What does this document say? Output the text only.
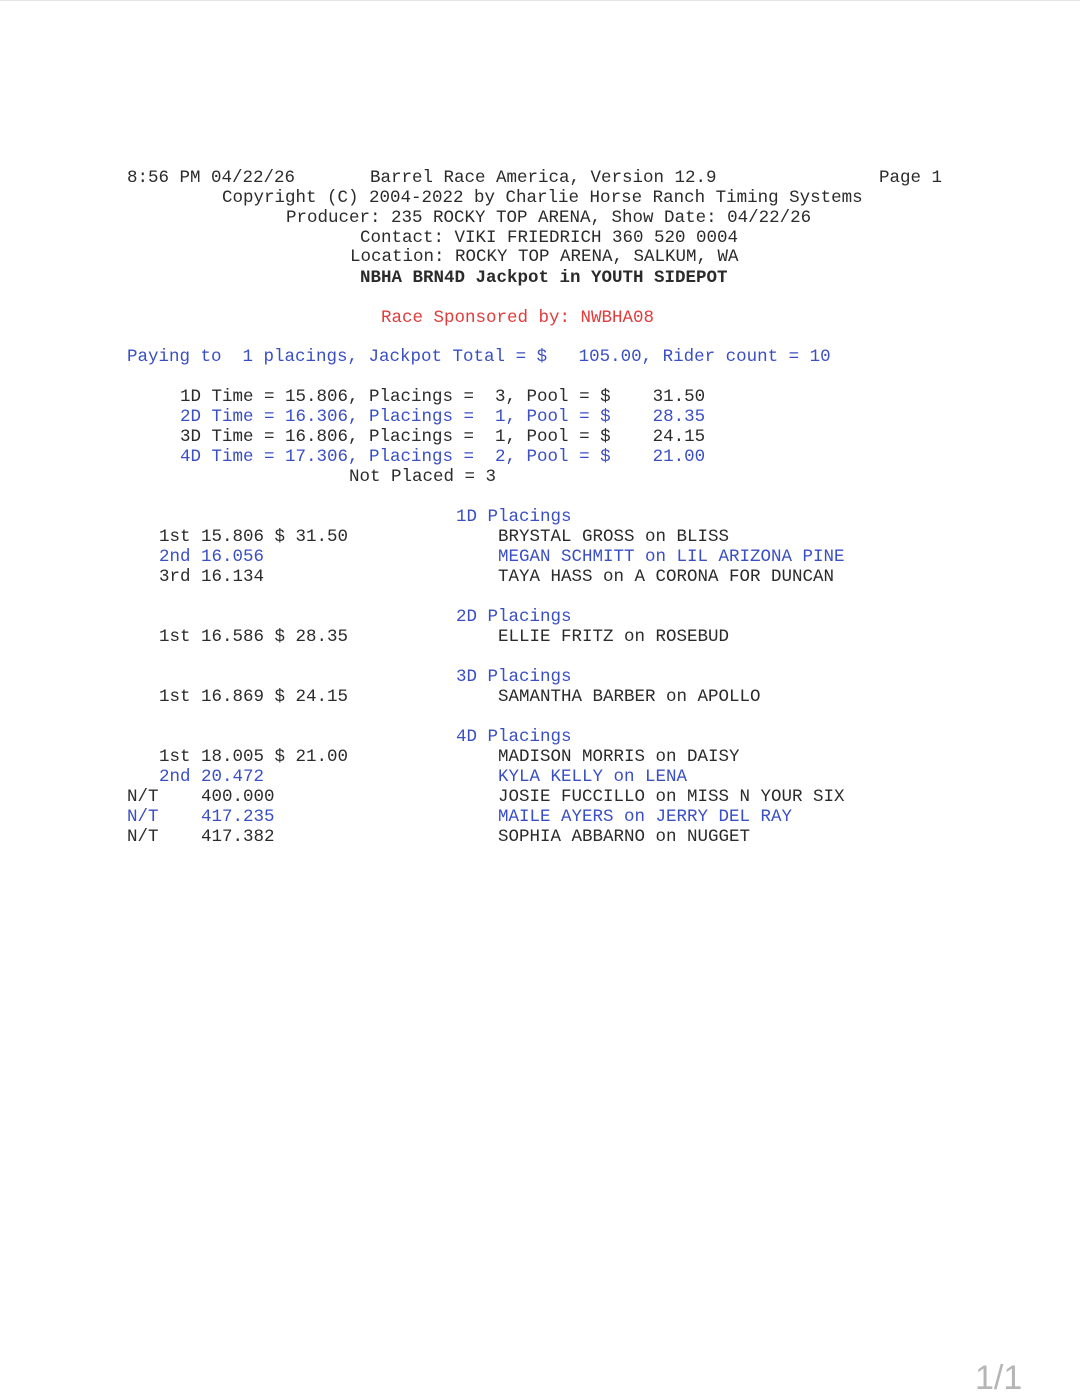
8:56 PM 04/22/26	Barrel Race America, Version 12.9	Page 1
Copyright (C) 2004-2022 by Charlie Horse Ranch Timing Systems
Producer: 235 ROCKY TOP ARENA, Show Date: 04/22/26
Contact: VIKI FRIEDRICH 360 520 0004
Location: ROCKY TOP ARENA, SALKUM, WA
NBHA BRN4D Jackpot in YOUTH SIDEPOT
Race Sponsored by: NWBHA08
Paying to  1 placings, Jackpot Total = $   105.00, Rider count = 10
1D Time = 15.806, Placings =  3, Pool = $    31.50
2D Time = 16.306, Placings =  1, Pool = $    28.35
3D Time = 16.806, Placings =  1, Pool = $    24.15
4D Time = 17.306, Placings =  2, Pool = $    21.00
Not Placed = 3
1D Placings
1st 15.806 $ 31.50	BRYSTAL GROSS on BLISS
2nd 16.056	MEGAN SCHMITT on LIL ARIZONA PINE
3rd 16.134	TAYA HASS on A CORONA FOR DUNCAN
2D Placings
1st 16.586 $ 28.35	ELLIE FRITZ on ROSEBUD
3D Placings
1st 16.869 $ 24.15	SAMANTHA BARBER on APOLLO
4D Placings
1st 18.005 $ 21.00	MADISON MORRIS on DAISY
2nd 20.472	KYLA KELLY on LENA
N/T 400.000	JOSIE FUCCILLO on MISS N YOUR SIX
N/T 417.235	MAILE AYERS on JERRY DEL RAY
N/T 417.382	SOPHIA ABBARNO on NUGGET
1/1
